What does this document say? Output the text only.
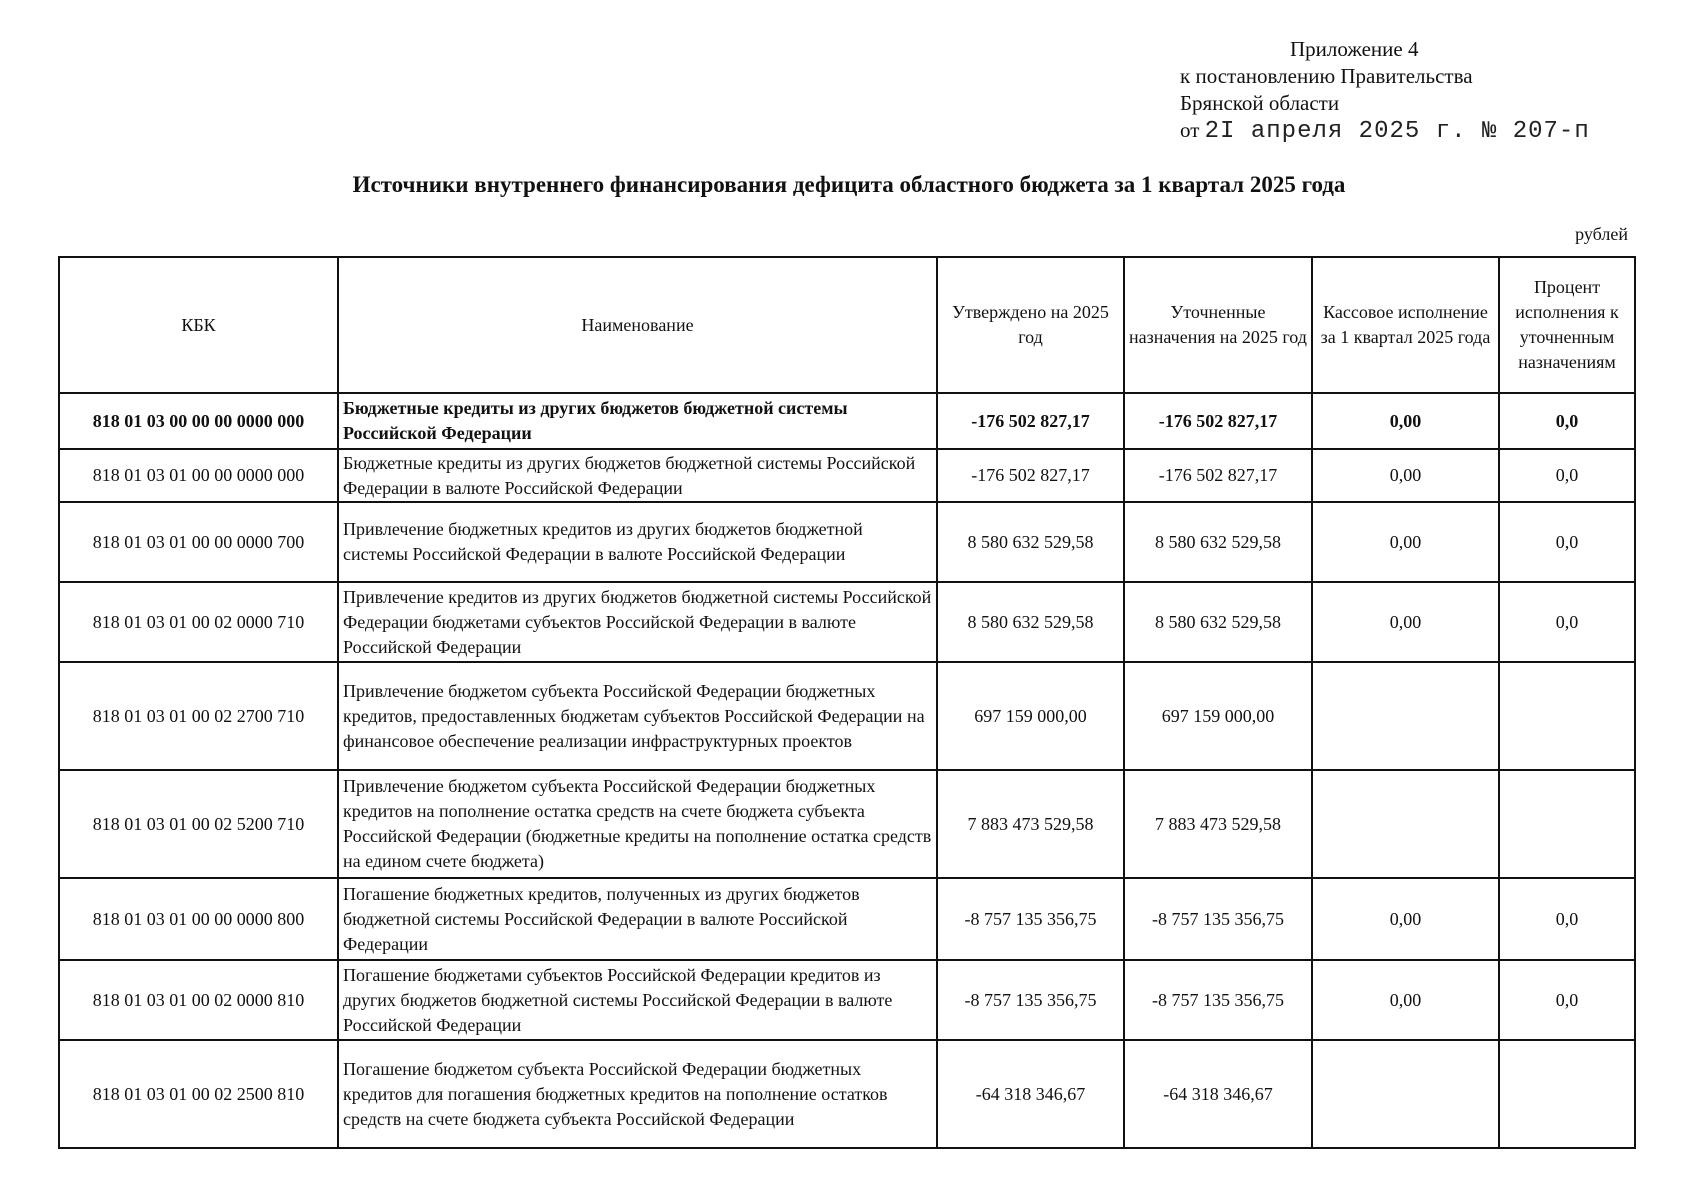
Приложение 4
к постановлению Правительства
Брянской области
от 2I апреля 2025 г. № 207-п
Источники внутреннего финансирования дефицита областного бюджета за 1 квартал 2025 года
рублей
КБК	Наименование	Утверждено на 2025 год	Уточненные назначения на 2025 год	Кассовое исполнение за 1 квартал 2025 года	Процент исполнения к уточненным назначениям
818 01 03 00 00 00 0000 000	Бюджетные кредиты из других бюджетов бюджетной системы Российской Федерации	-176 502 827,17	-176 502 827,17	0,00	0,0
818 01 03 01 00 00 0000 000	Бюджетные кредиты из других бюджетов бюджетной системы Российской Федерации в валюте Российской Федерации	-176 502 827,17	-176 502 827,17	0,00	0,0
818 01 03 01 00 00 0000 700	Привлечение бюджетных кредитов из других бюджетов бюджетной системы Российской Федерации в валюте Российской Федерации	8 580 632 529,58	8 580 632 529,58	0,00	0,0
818 01 03 01 00 02 0000 710	Привлечение кредитов из других бюджетов бюджетной системы Российской Федерации бюджетами субъектов Российской Федерации в валюте Российской Федерации	8 580 632 529,58	8 580 632 529,58	0,00	0,0
818 01 03 01 00 02 2700 710	Привлечение бюджетом субъекта Российской Федерации бюджетных кредитов, предоставленных бюджетам субъектов Российской Федерации на финансовое обеспечение реализации инфраструктурных проектов	697 159 000,00	697 159 000,00		
818 01 03 01 00 02 5200 710	Привлечение бюджетом субъекта Российской Федерации бюджетных кредитов на пополнение остатка средств на счете бюджета субъекта Российской Федерации (бюджетные кредиты на пополнение остатка средств на едином счете бюджета)	7 883 473 529,58	7 883 473 529,58		
818 01 03 01 00 00 0000 800	Погашение бюджетных кредитов, полученных из других бюджетов бюджетной системы Российской Федерации в валюте Российской Федерации	-8 757 135 356,75	-8 757 135 356,75	0,00	0,0
818 01 03 01 00 02 0000 810	Погашение бюджетами субъектов Российской Федерации кредитов из других бюджетов бюджетной системы Российской Федерации в валюте Российской Федерации	-8 757 135 356,75	-8 757 135 356,75	0,00	0,0
818 01 03 01 00 02 2500 810	Погашение бюджетом субъекта Российской Федерации бюджетных кредитов для погашения бюджетных кредитов на пополнение остатков средств на счете бюджета субъекта Российской Федерации	-64 318 346,67	-64 318 346,67		
